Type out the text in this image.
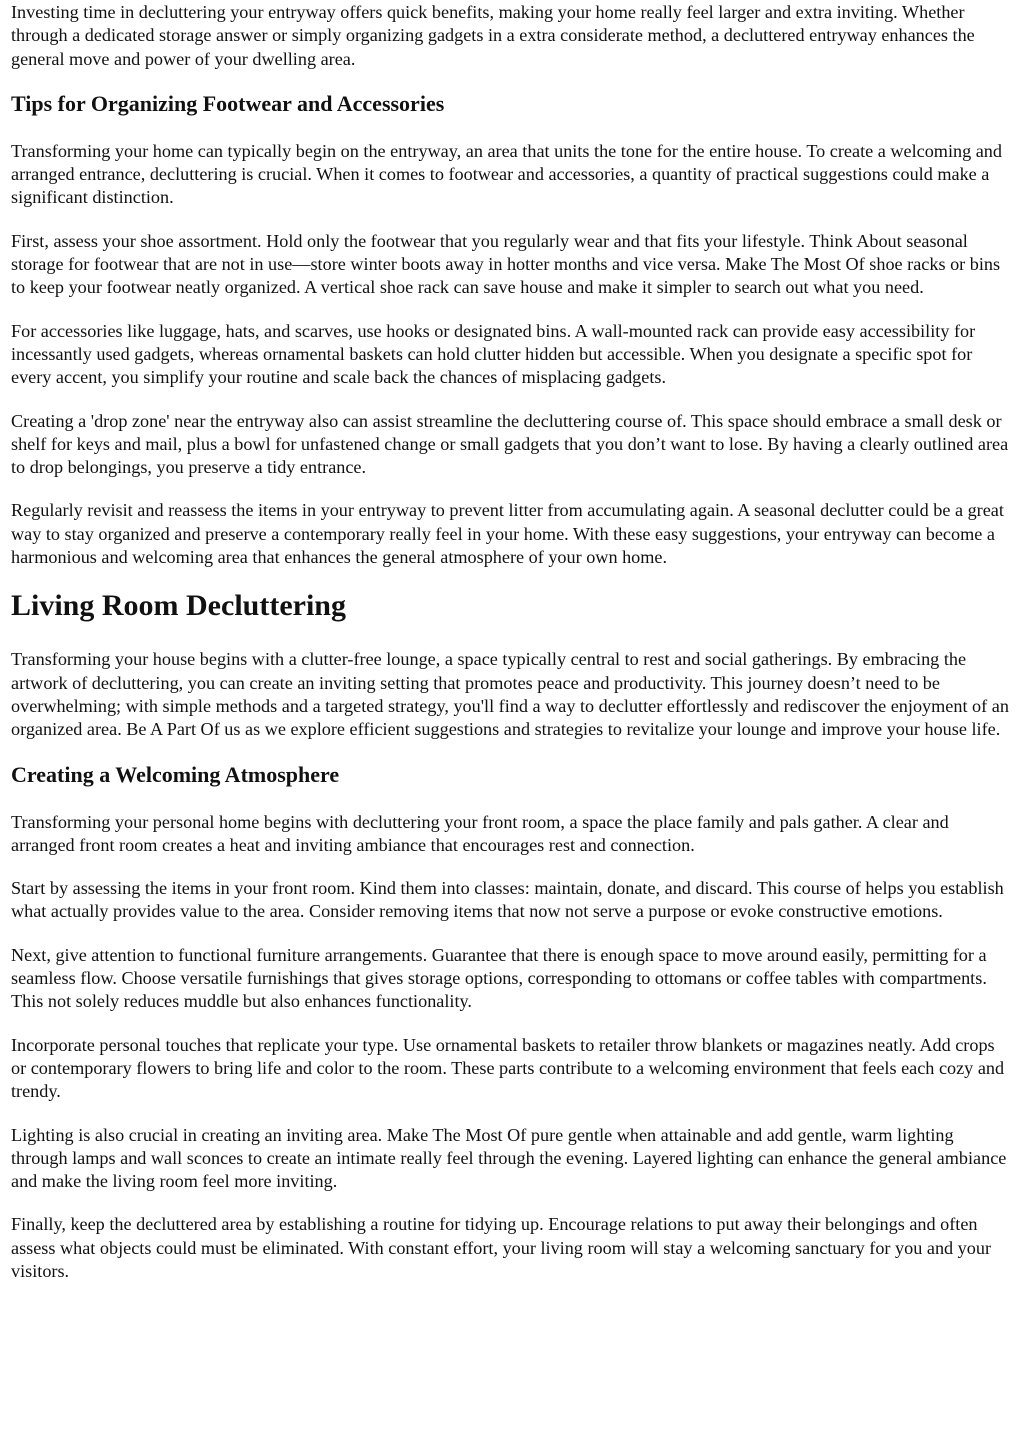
Investing time in decluttering your entryway offers quick benefits, making your home really feel larger and extra inviting. Whether through a dedicated storage answer or simply organizing gadgets in a extra considerate method, a decluttered entryway enhances the general move and power of your dwelling area.

Tips for Organizing Footwear and Accessories

Transforming your home can typically begin on the entryway, an area that units the tone for the entire house. To create a welcoming and arranged entrance, decluttering is crucial. When it comes to footwear and accessories, a quantity of practical suggestions could make a significant distinction.

First, assess your shoe assortment. Hold only the footwear that you regularly wear and that fits your lifestyle. Think About seasonal storage for footwear that are not in use—store winter boots away in hotter months and vice versa. Make The Most Of shoe racks or bins to keep your footwear neatly organized. A vertical shoe rack can save house and make it simpler to search out what you need.

For accessories like luggage, hats, and scarves, use hooks or designated bins. A wall-mounted rack can provide easy accessibility for incessantly used gadgets, whereas ornamental baskets can hold clutter hidden but accessible. When you designate a specific spot for every accent, you simplify your routine and scale back the chances of misplacing gadgets.

Creating a 'drop zone' near the entryway also can assist streamline the decluttering course of. This space should embrace a small desk or shelf for keys and mail, plus a bowl for unfastened change or small gadgets that you don’t want to lose. By having a clearly outlined area to drop belongings, you preserve a tidy entrance.

Regularly revisit and reassess the items in your entryway to prevent litter from accumulating again. A seasonal declutter could be a great way to stay organized and preserve a contemporary really feel in your home. With these easy suggestions, your entryway can become a harmonious and welcoming area that enhances the general atmosphere of your own home.

Living Room Decluttering

Transforming your house begins with a clutter-free lounge, a space typically central to rest and social gatherings. By embracing the artwork of decluttering, you can create an inviting setting that promotes peace and productivity. This journey doesn’t need to be overwhelming; with simple methods and a targeted strategy, you'll find a way to declutter effortlessly and rediscover the enjoyment of an organized area. Be A Part Of us as we explore efficient suggestions and strategies to revitalize your lounge and improve your house life.

Creating a Welcoming Atmosphere

Transforming your personal home begins with decluttering your front room, a space the place family and pals gather. A clear and arranged front room creates a heat and inviting ambiance that encourages rest and connection.

Start by assessing the items in your front room. Kind them into classes: maintain, donate, and discard. This course of helps you establish what actually provides value to the area. Consider removing items that now not serve a purpose or evoke constructive emotions.

Next, give attention to functional furniture arrangements. Guarantee that there is enough space to move around easily, permitting for a seamless flow. Choose versatile furnishings that gives storage options, corresponding to ottomans or coffee tables with compartments. This not solely reduces muddle but also enhances functionality.

Incorporate personal touches that replicate your type. Use ornamental baskets to retailer throw blankets or magazines neatly. Add crops or contemporary flowers to bring life and color to the room. These parts contribute to a welcoming environment that feels each cozy and trendy.

Lighting is also crucial in creating an inviting area. Make The Most Of pure gentle when attainable and add gentle, warm lighting through lamps and wall sconces to create an intimate really feel through the evening. Layered lighting can enhance the general ambiance and make the living room feel more inviting.

Finally, keep the decluttered area by establishing a routine for tidying up. Encourage relations to put away their belongings and often assess what objects could must be eliminated. With constant effort, your living room will stay a welcoming sanctuary for you and your visitors.
